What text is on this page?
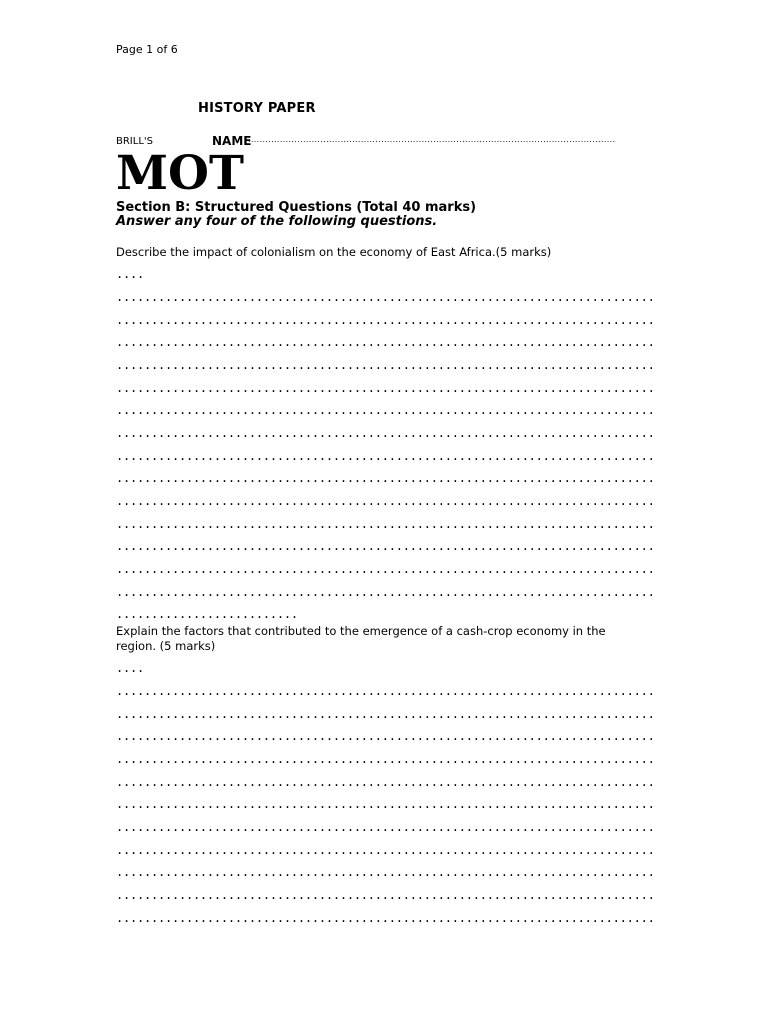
Page 1 of 6
HISTORY PAPER
BRILL'S	NAME
...............................................................................................................................
MOT
Section B: Structured Questions (Total 40 marks)
Answer any four of the following questions.
Describe the impact of colonialism on the economy of East Africa.(5 marks)
....
.............................................................................
.............................................................................
.............................................................................
.............................................................................
.............................................................................
.............................................................................
.............................................................................
.............................................................................
.............................................................................
.............................................................................
.............................................................................
.............................................................................
.............................................................................
.............................................................................
..........................
Explain the factors that contributed to the emergence of a cash-crop economy in the region. (5 marks)
....
.............................................................................
.............................................................................
.............................................................................
.............................................................................
.............................................................................
.............................................................................
.............................................................................
.............................................................................
.............................................................................
.............................................................................
.............................................................................
